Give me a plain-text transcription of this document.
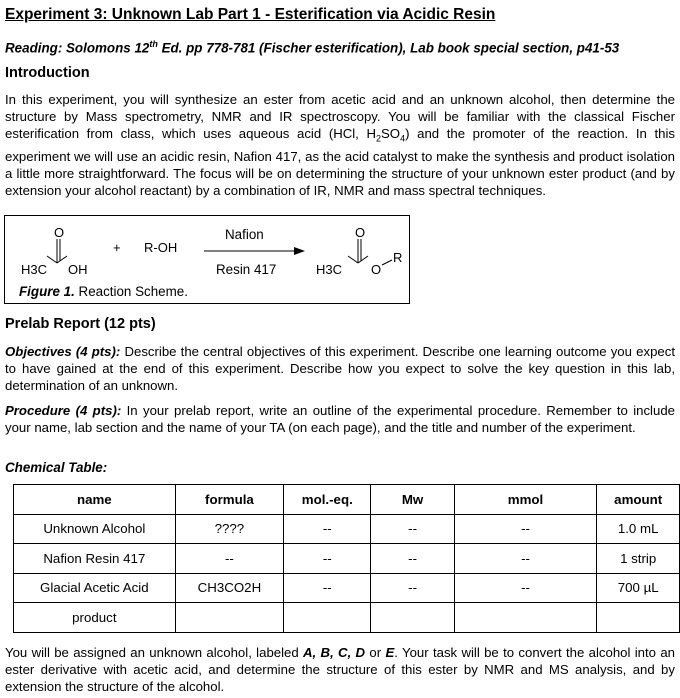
Experiment 3: Unknown Lab Part 1 - Esterification via Acidic Resin
Reading: Solomons 12th Ed. pp 778-781 (Fischer esterification), Lab book special section, p41-53
Introduction
In this experiment, you will synthesize an ester from acetic acid and an unknown alcohol, then determine the structure by Mass spectrometry, NMR and IR spectroscopy. You will be familiar with the classical Fischer esterification from class, which uses aqueous acid (HCl, $H_2SO_4$) and the promoter of the reaction. In this experiment we will use an acidic resin, Nafion 417, as the acid catalyst to make the synthesis and product isolation a little more straightforward. The focus will be on determining the structure of your unknown ester product (and by extension your alcohol reactant) by a combination of IR, NMR and mass spectral techniques.
O
H3C OH
+ R-OH
Nafion
Resin 417
O
H3C O
R
Figure 1. Reaction Scheme.
Prelab Report (12 pts)
Objectives (4 pts): Describe the central objectives of this experiment. Describe one learning outcome you expect to have gained at the end of this experiment. Describe how you expect to solve the key question in this lab, determination of an unknown.
Procedure (4 pts): In your prelab report, write an outline of the experimental procedure. Remember to include your name, lab section and the name of your TA (on each page), and the title and number of the experiment.
Chemical Table:
name	formula	mol.-eq.	Mw	mmol	amount
Unknown Alcohol	????	--	--	--	1.0 mL
Nafion Resin 417	--	--	--	--	1 strip
Glacial Acetic Acid	CH3CO2H	--	--	--	700 µL
product					
You will be assigned an unknown alcohol, labeled A, B, C, D or E. Your task will be to convert the alcohol into an ester derivative with acetic acid, and determine the structure of this ester by NMR and MS analysis, and by extension the structure of the alcohol.
